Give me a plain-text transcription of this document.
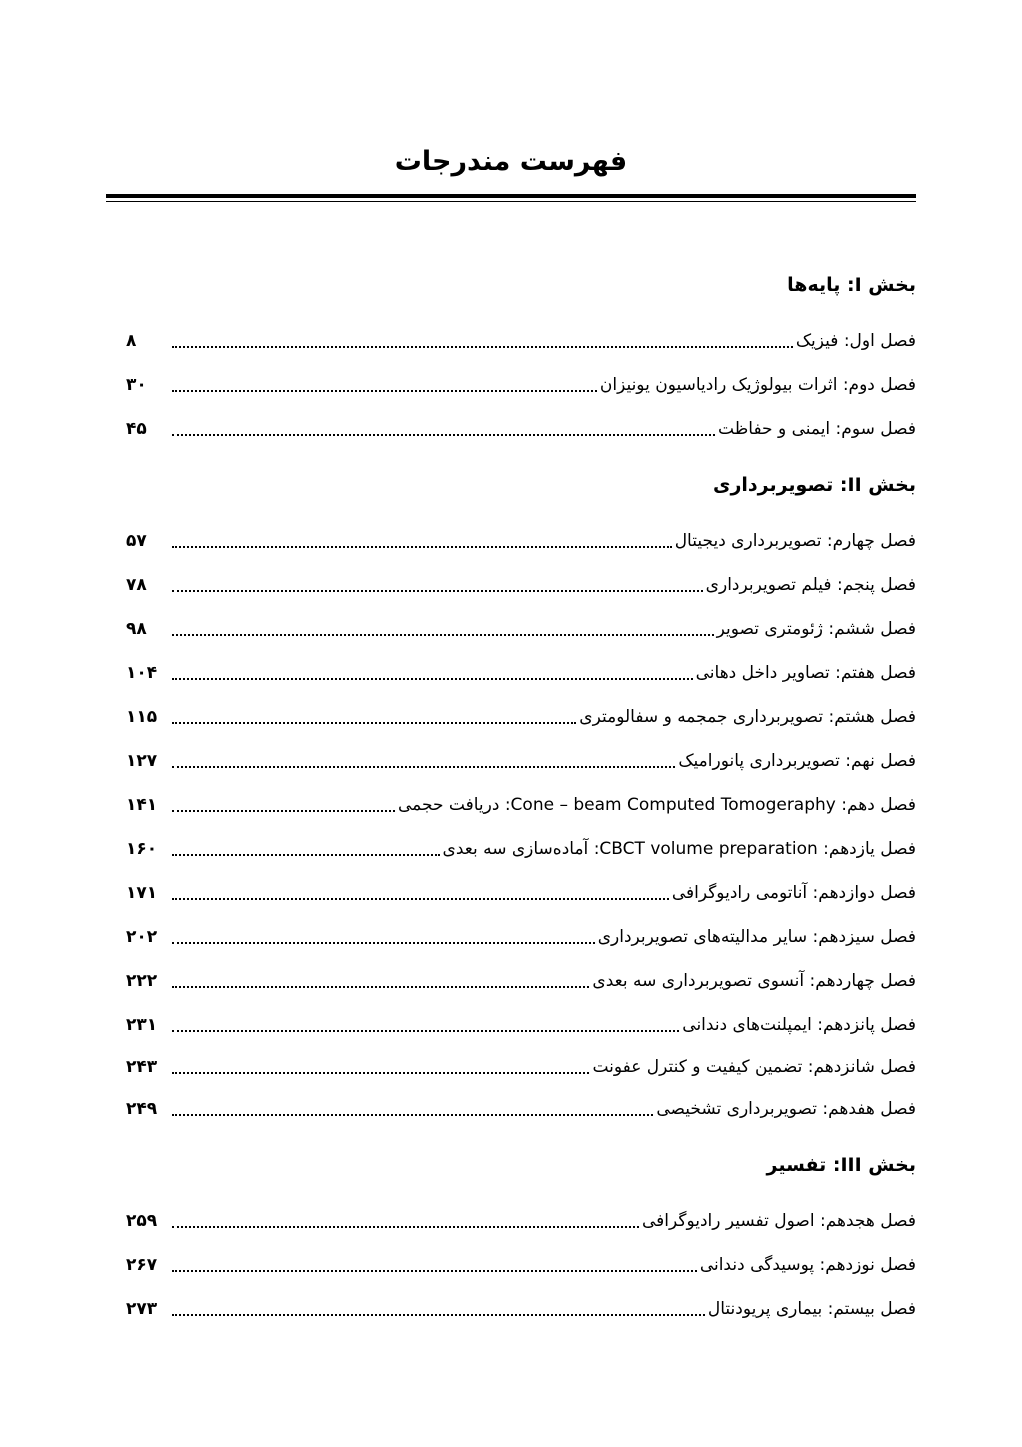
فهرست مندرجات
بخش I: پایه‌ها
فصل اول: فیزیک
۸
فصل دوم: اثرات بیولوژیک رادیاسیون یونیزان
۳۰
فصل سوم: ایمنی و حفاظت
۴۵
بخش II: تصویربرداری
فصل چهارم: تصویربرداری دیجیتال
۵۷
فصل پنجم: فیلم تصویربرداری
۷۸
فصل ششم: ژئومتری تصویر
۹۸
فصل هفتم: تصاویر داخل دهانی
۱۰۴
فصل هشتم: تصویربرداری جمجمه و سفالومتری
۱۱۵
فصل نهم: تصویربرداری پانورامیک
۱۲۷
فصل دهم: Cone – beam Computed Tomogeraphy: دریافت حجمی
۱۴۱
فصل یازدهم: CBCT volume preparation: آماده‌سازی سه بعدی
۱۶۰
فصل دوازدهم: آناتومی رادیوگرافی
۱۷۱
فصل سیزدهم: سایر مدالیته‌های تصویربرداری
۲۰۲
فصل چهاردهم: آنسوی تصویربرداری سه بعدی
۲۲۲
فصل پانزدهم: ایمپلنت‌های دندانی
۲۳۱
فصل شانزدهم: تضمین کیفیت و کنترل عفونت
۲۴۳
فصل هفدهم: تصویربرداری تشخیصی
۲۴۹
بخش III: تفسیر
فصل هجدهم: اصول تفسیر رادیوگرافی
۲۵۹
فصل نوزدهم: پوسیدگی دندانی
۲۶۷
فصل بیستم: بیماری پریودنتال
۲۷۳
